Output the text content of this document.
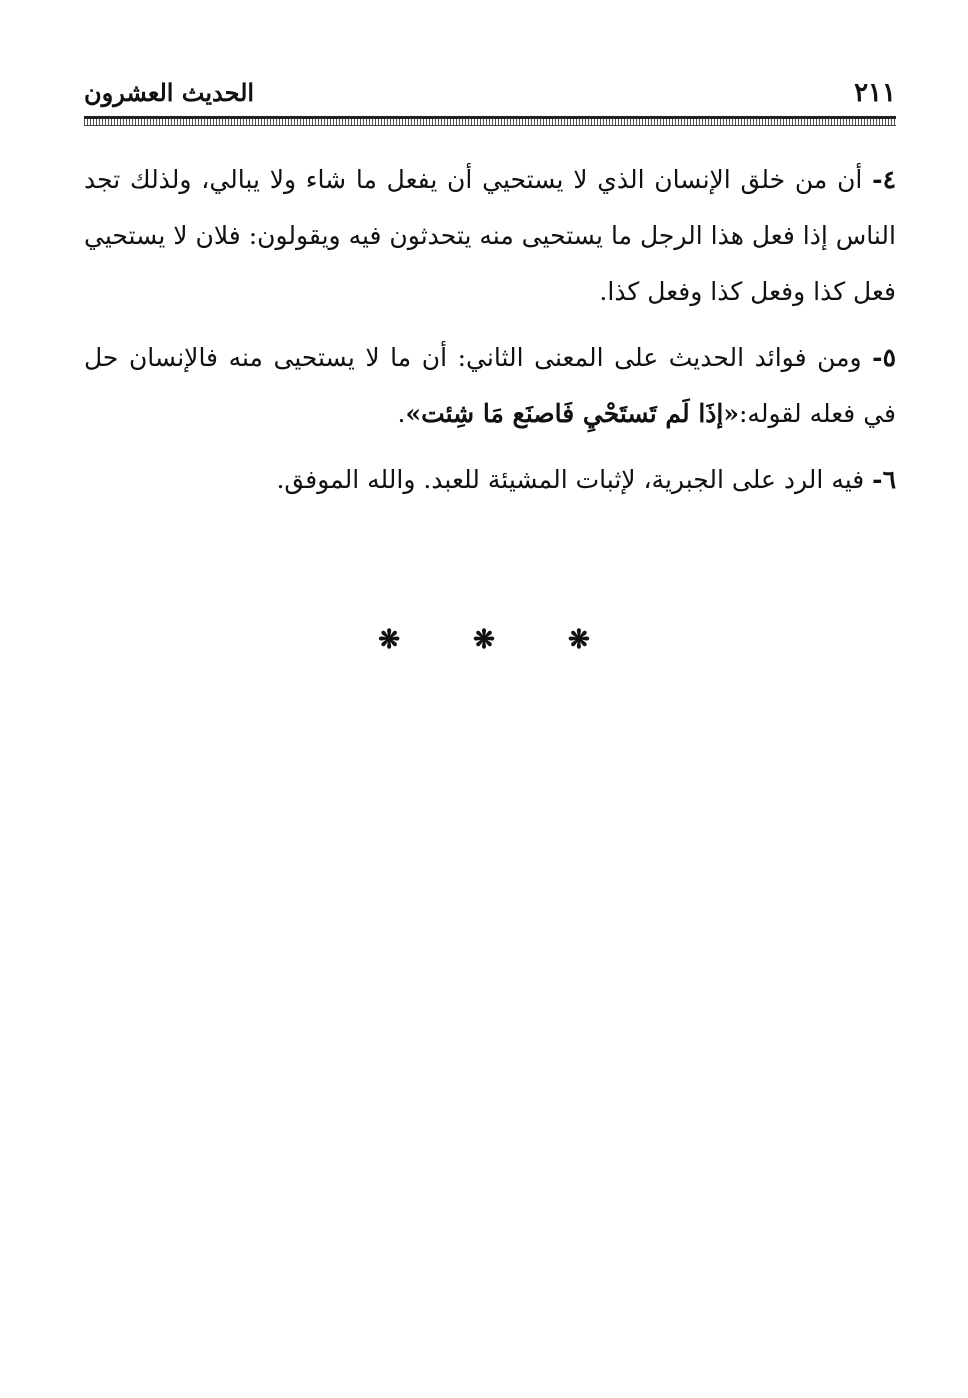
٢١١
الحديث العشرون

٤- أن من خلق الإنسان الذي لا يستحيي أن يفعل ما شاء ولا يبالي، ولذلك تجد الناس إذا فعل هذا الرجل ما يستحيى منه يتحدثون فيه ويقولون: فلان لا يستحيي فعل كذا وفعل كذا وفعل كذا.

٥- ومن فوائد الحديث على المعنى الثاني: أن ما لا يستحيى منه فالإنسان حل في فعله لقوله:«إذَا لَم تَستَحْيِ فَاصنَع مَا شِئت».

٦- فيه الرد على الجبرية، لإثبات المشيئة للعبد. والله الموفق.

❋ ❋ ❋
